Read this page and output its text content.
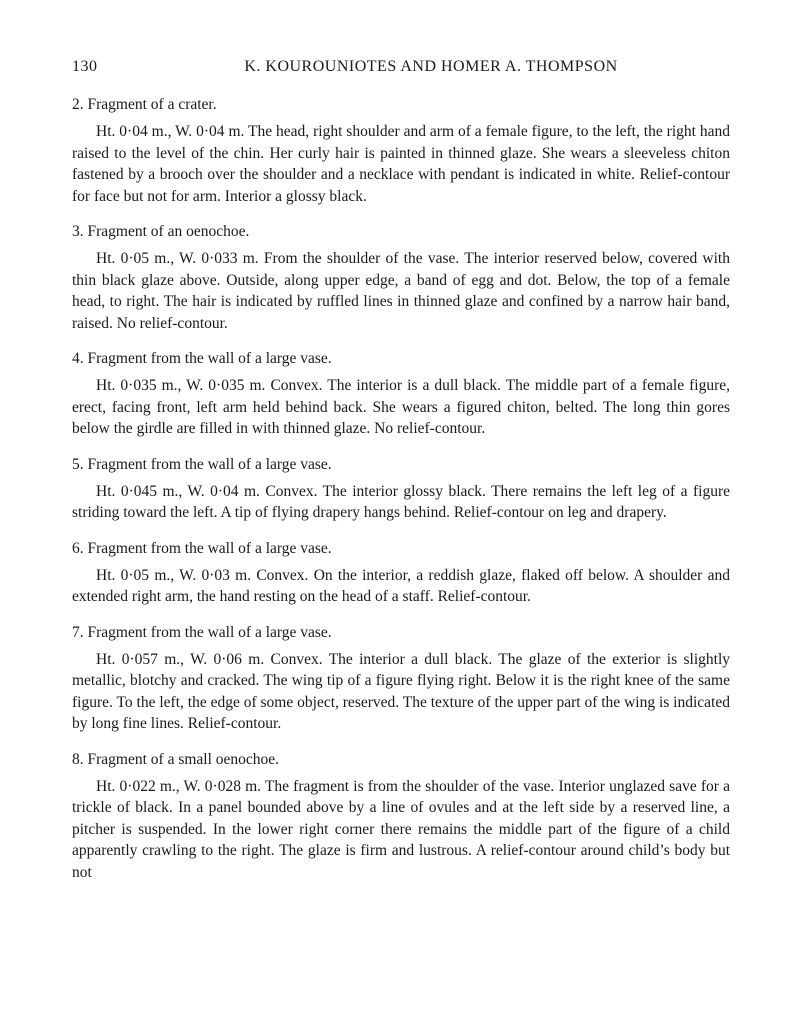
130	K. KOUROUNIOTES AND HOMER A. THOMPSON

2. Fragment of a crater.

Ht. 0·04 m., W. 0·04 m. The head, right shoulder and arm of a female figure, to the left, the right hand raised to the level of the chin. Her curly hair is painted in thinned glaze. She wears a sleeveless chiton fastened by a brooch over the shoulder and a necklace with pendant is indicated in white. Relief-contour for face but not for arm. Interior a glossy black.

3. Fragment of an oenochoe.

Ht. 0·05 m., W. 0·033 m. From the shoulder of the vase. The interior reserved below, covered with thin black glaze above. Outside, along upper edge, a band of egg and dot. Below, the top of a female head, to right. The hair is indicated by ruffled lines in thinned glaze and confined by a narrow hair band, raised. No relief-contour.

4. Fragment from the wall of a large vase.

Ht. 0·035 m., W. 0·035 m. Convex. The interior is a dull black. The middle part of a female figure, erect, facing front, left arm held behind back. She wears a figured chiton, belted. The long thin gores below the girdle are filled in with thinned glaze. No relief-contour.

5. Fragment from the wall of a large vase.

Ht. 0·045 m., W. 0·04 m. Convex. The interior glossy black. There remains the left leg of a figure striding toward the left. A tip of flying drapery hangs behind. Relief-contour on leg and drapery.

6. Fragment from the wall of a large vase.

Ht. 0·05 m., W. 0·03 m. Convex. On the interior, a reddish glaze, flaked off below. A shoulder and extended right arm, the hand resting on the head of a staff. Relief-contour.

7. Fragment from the wall of a large vase.

Ht. 0·057 m., W. 0·06 m. Convex. The interior a dull black. The glaze of the exterior is slightly metallic, blotchy and cracked. The wing tip of a figure flying right. Below it is the right knee of the same figure. To the left, the edge of some object, reserved. The texture of the upper part of the wing is indicated by long fine lines. Relief-contour.

8. Fragment of a small oenochoe.

Ht. 0·022 m., W. 0·028 m. The fragment is from the shoulder of the vase. Interior unglazed save for a trickle of black. In a panel bounded above by a line of ovules and at the left side by a reserved line, a pitcher is suspended. In the lower right corner there remains the middle part of the figure of a child apparently crawling to the right. The glaze is firm and lustrous. A relief-contour around child’s body but not
